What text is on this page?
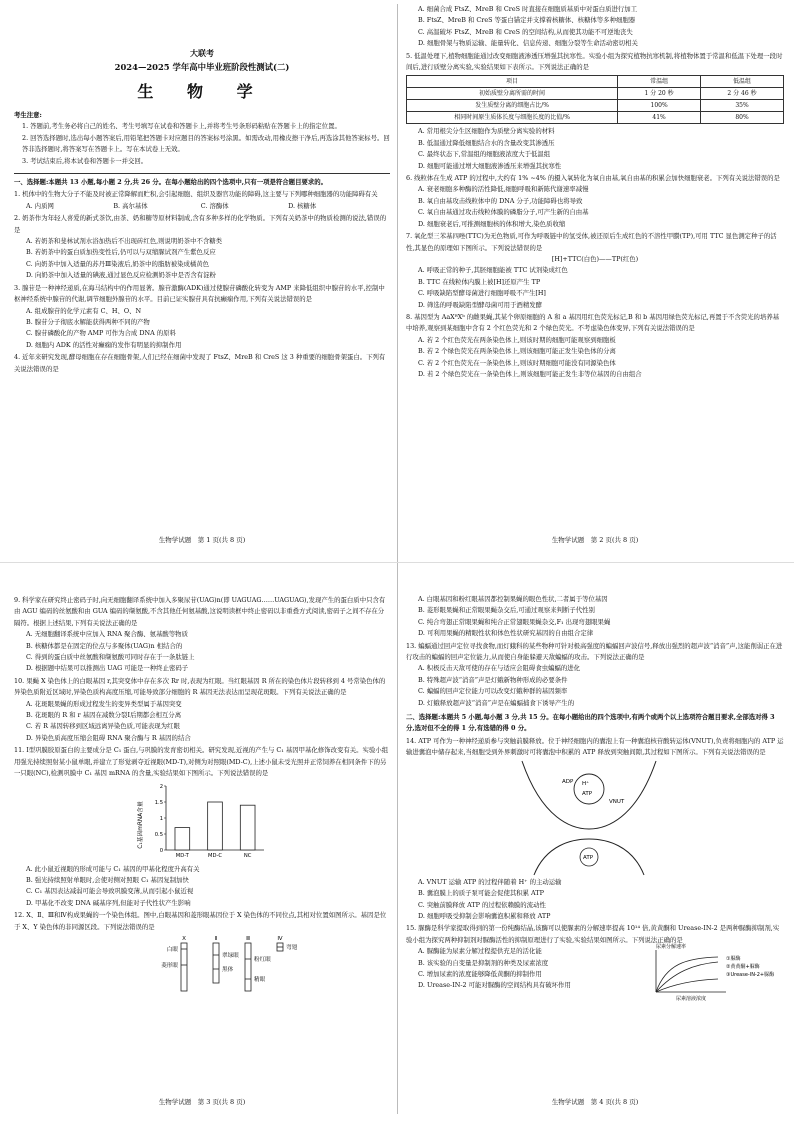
大联考

2024—2025 学年高中毕业班阶段性测试(二)

生 物 学

考生注意:

1. 答题前,考生务必将自己的姓名、考生号填写在试卷和答题卡上,并将考生号条形码粘贴在答题卡上的指定位置。

2. 回答选择题时,选出每小题答案后,用铅笔把答题卡对应题目的答案标号涂黑。如需改动,用橡皮擦干净后,再选涂其他答案标号。回答非选择题时,将答案写在答题卡上。写在本试卷上无效。

3. 考试结束后,将本试卷和答题卡一并交回。

一、选择题:本题共 13 小题,每小题 2 分,共 26 分。在每小题给出的四个选项中,只有一项是符合题目要求的。

1. 机体中的生物大分子不能及时被正常降解而贮积,会引起细胞、组织及器官功能的障碍,这主要与下列哪种细胞器的功能障碍有关

A. 内质网	B. 高尔基体	C. 溶酶体	D. 核糖体

2. 奶茶作为年轻人喜爱的新式茶饮,由茶、奶和糖等原材料制成,含有多种多样的化学物质。下列有关奶茶中的物质检测的说法,错误的是

A. 若奶茶和斐林试剂水浴加热后不出现砖红色,则说明奶茶中不含糖类

B. 若奶茶中的蛋白质加热变性后,仍可以与双缩脲试剂产生紫色反应

C. 向奶茶中加入适量的苏丹Ⅲ染液后,奶茶中的脂肪被染成橘黄色

D. 向奶茶中加入适量的碘液,通过显色反应检测奶茶中是否含有淀粉

3. 腺苷是一种神经递质,在海马结构中的作用显著。腺苷激酶(ADK)通过使腺苷磷酸化转变为 AMP 来降低组织中腺苷的水平,控制中枢神经系统中腺苷的代谢,调节细胞外腺苷的水平。目前已证实腺苷具有抗癫痫作用,下列有关说法错误的是

A. 组成腺苷的化学元素有 C、H、O、N

B. 腺苷分子彻底水解能获得两种不同的产物

C. 腺苷磷酸化的产物 AMP 可作为合成 DNA 的原料

D. 细胞内 ADK 的活性对癫痫的发作有明显的抑制作用

4. 近年来研究发现,酵母细胞在存在细胞骨架,人们已经在细菌中发现了 FtsZ、MreB 和 CreS 这 3 种重要的细胞骨架蛋白。下列有关说法错误的是

生物学试题　第 1 页(共 8 页)

A. 细菌合成 FtsZ、MreB 和 CreS 时直接在细胞质基质中对蛋白质进行加工

B. FtsZ、MreB 和 CreS 等蛋白锚定并支撑着核糖体、核糖体等多种细胞器

C. 高温破坏 FtsZ、MreB 和 CreS 的空间结构,从而使其功能不可逆地丧失

D. 细胞骨架与物质运输、能量转化、信息传递、细胞分裂等生命活动密切相关

5. 低温处理下,植物细胞能通过改变细胞液渗透压增强其抗寒性。实验小组为探究植物抗寒机制,将植物体置于常温和低温下处理一段时间后,进行质壁分离实验,实验结果如下表所示。下列说法正确的是

项目	常温组	低温组
初始质壁分离所需的时间	1 分 20 秒	2 分 46 秒
发生质壁分离的细胞占比/%	100%	35%
相同时间原生质体长度与细胞长度的比值/%	41%	80%

A. 常用根尖分生区细胞作为质壁分离实验的材料

B. 低温通过降低细胞结合水的含量改变其渗透压

C. 最终状态下,常温组的细胞液浓度大于低温组

D. 细胞可能通过增大细胞液渗透压来增强其抗寒性

6. 线粒体在生成 ATP 的过程中,大约有 1% ~4% 的摄入氧转化为氧自由基,氧自由基的积累会加快细胞衰老。下列有关说法错误的是

A. 衰老细胞多种酶的活性降低,细胞呼吸和新陈代谢速率减慢

B. 氧自由基攻击线粒体中的 DNA 分子,功能障碍也将导致

C. 氧自由基通过攻击线粒体膜的磷脂分子,可产生新的自由基

D. 细胞衰老后,可推测细胞核的体积增大,染色质收缩

7. 氧化型三苯基四唑(TTC)为无色物质,可作为呼吸链中的氢受体,被还原后生成红色的不溶性甲臜(TP),可用 TTC 显色测定种子的活性,其显色的原理如下图所示。下列说法错误的是

[H]+TTC(白色)——TP(红色)

A. 呼吸正常的种子,其胚细胞能被 TTC 试剂染成红色

B. TTC 在线粒体内膜上被[H]还原产生 TP

C. 呼吸缺陷型酵母菌进行细胞呼吸不产生[H]

D. 筛选的呼吸缺陷型酵母菌可用于酒精发酵

8. 基因型为 AaXᴮXᵇ 的雌果蝇,其某个卵原细胞的 A 和 a 基因用红色荧光标记,B 和 b 基因用绿色荧光标记,再置于不含荧光的培养基中培养,观察到某细胞中含有 2 个红色荧光和 2 个绿色荧光。不考虑染色体变异,下列有关说法错误的是

A. 若 2 个红色荧光在两条染色体上,则该时期的细胞可能观察到细胞板

B. 若 2 个绿色荧光在两条染色体上,则该细胞可能正发生染色体的分离

C. 若 2 个红色荧光在一条染色体上,则该时期细胞可能没有同源染色体

D. 若 2 个绿色荧光在一条染色体上,则该细胞可能正发生非等位基因的自由组合

生物学试题　第 2 页(共 8 页)

9. 科学家在研究终止密码子时,向无细胞翻译系统中加入多聚尿苷(UAG)n(即 UAGUAG……UAGUAG),发现产生的蛋白质中只含有由 AGU 编码的丝氨酸和由 GUA 编码的缬氨酸,不含其他任何氨基酸,这说明读框中终止密码以非重叠方式阅读,密码子之间不存在分隔符。根据上述结果,下列有关说法正确的是

A. 无细胞翻译系统中应加入 RNA 聚合酶、氨基酸等物质

B. 核糖体都是在固定的位点与多聚体(UAG)n 相结合的

C. 得到的蛋白质中丝氨酸和缬氨酸可同时存在于一条肽链上

D. 根据题中结果可以推测出 UAG 可能是一种终止密码子

10. 果蝇 X 染色体上的白眼基因 r,其突变体中存在多次 Rr 时,表现为红眼。当红眼基因 R 所在的染色体片段转移到 4 号常染色体的异染色质附近区域时,异染色质构高度压缩,可能导致部分细胞的 R 基因无法表达而呈现花斑眼。下列有关说法正确的是

A. 花斑眼果蝇的形成过程发生的变异类型属于基因突变

B. 花斑眼的 R 和 r 基因在减数分裂Ⅰ后期都会相互分离

C. 若 R 基因转移到区域远离异染色质,可能表现为红眼

D. 异染色质高度压缩会阻碍 RNA 聚合酶与 R 基因的结合

11. Ⅰ型巩膜胶原蛋白的主要成分是 C₁ 蛋白,与巩膜的发育密切相关。研究发现,近视的产生与 C₁ 基因甲基化修饰改变有关。实验小组用强光持续照射某小鼠单眼,并建立了形觉剥夺近视眼(MD-T),对侧为对照眼(MD-C),上述小鼠未受光照并正常饲养在相同条件下的另一只眼(NC),检测巩膜中 C₁ 基因 mRNA 的含量,实验结果如下图所示。下列说法错误的是

C₁基因mRNA含量
0
0.5
1
1.5
2
MD-T	MD-C	NC

A. 此小鼠近视眼的形成可能与 C₁ 基因的甲基化程度升高有关

B. 强光持续照射单眼时,会使对侧对照眼 C₁ 基因复制加快

C. C₁ 基因表达减弱可能会导致巩膜变薄,从而引起小鼠近视

D. 甲基化不改变 DNA 碱基序列,但能对子代性状产生影响

12. X、Ⅱ、Ⅲ和Ⅳ构成果蝇的一个染色体组。图中,白眼基因和菱形眼基因位于 X 染色体的不同位点,其相对位置如图所示。基因是位于 X、Y 染色体的非同源区段。下列说法错误的是

X	Ⅱ	Ⅲ	Ⅳ
白眼
菱形眼
翠绿眼
黑体
粉红眼
精眼
弯翅
生物学试题　第 3 页(共 8 页)

A. 白眼基因和粉红眼基因都控制果蝇的眼色性状,二者属于等位基因

B. 菱形眼果蝇和正常眼果蝇杂交后,可通过观察来判断子代性别

C. 纯合弯翅正常眼果蝇和纯合正常翅眼果蝇杂交,F₁ 出现弯翅眼果蝇

D. 可利用果蝇的精眼性状和体色性状研究基因的自由组合定律

13. 蝙蝠通过回声定位寻找食物,而灯蛾科的某些物种可针对极高强度的蝙蝠回声波信号,释放出强烈的超声波“消音”声,这能削弱正在进行攻击的蝙蝠的回声定位能力,从而使自身能躲避天敌蝙蝠的攻击。下列说法正确的是

A. 积极反击天敌可使的存在与适应会阻碍食虫蝙蝠的进化

B. 特殊超声波“消音”声是灯蛾新物种形成的必要条件

C. 蝙蝠的回声定位能力可以改变灯蛾种群的基因频率

D. 灯蛾释放超声波“消音”声是在蝙蝠捕食下诱导产生的

二、选择题:本题共 5 小题,每小题 3 分,共 15 分。在每小题给出的四个选项中,有两个或两个以上选项符合题目要求,全部选对得 3 分,选对但不全的得 1 分,有选错的得 0 分。

14. ATP 可作为一种神经递质参与突触前膜释放。位于神经细胞内的囊泡上有一种囊泡核苷酸转运体(VNUT),负责将细胞内的 ATP 运输进囊泡中储存起来,当细胞受到外界刺激时可将囊泡中积累的 ATP 释放到突触间隙,其过程如下图所示。下列有关说法错误的是

H⁺
ATP
VNUT
ADP
ATP

A. VNUT 运输 ATP 的过程伴随着 H⁺ 的主动运输

B. 囊泡膜上的质子泵可能会促使其积累 ATP

C. 突触前膜释放 ATP 的过程依赖膜的流动性

D. 细胞呼吸受抑制会影响囊泡积累和释放 ATP

15. 脲酶是科学家提取得到的第一份纯酶结晶,该酶可以使脲素的分解速率提高 10¹⁴ 倍,黄黄酮和 Urease-IN-2 是两种脲酶抑制剂,实验小组为探究两种抑制剂对脲酶活性的抑制原理进行了实验,实验结果如图所示。下列说法正确的是

A. 脲酶能为尿素分解过程提供充足的活化能

B. 该实验的自变量是抑制剂的种类及尿素浓度

C. 增加尿素的浓度能够降低黄酮的抑制作用

D. Urease-IN-2 可能对脲酶的空间结构具有破坏作用

尿素分解速率
尿素溶液浓度
①脲酶
②黄黄酮+脲酶
③Urease-IN-2+脲酶
生物学试题　第 4 页(共 8 页)
